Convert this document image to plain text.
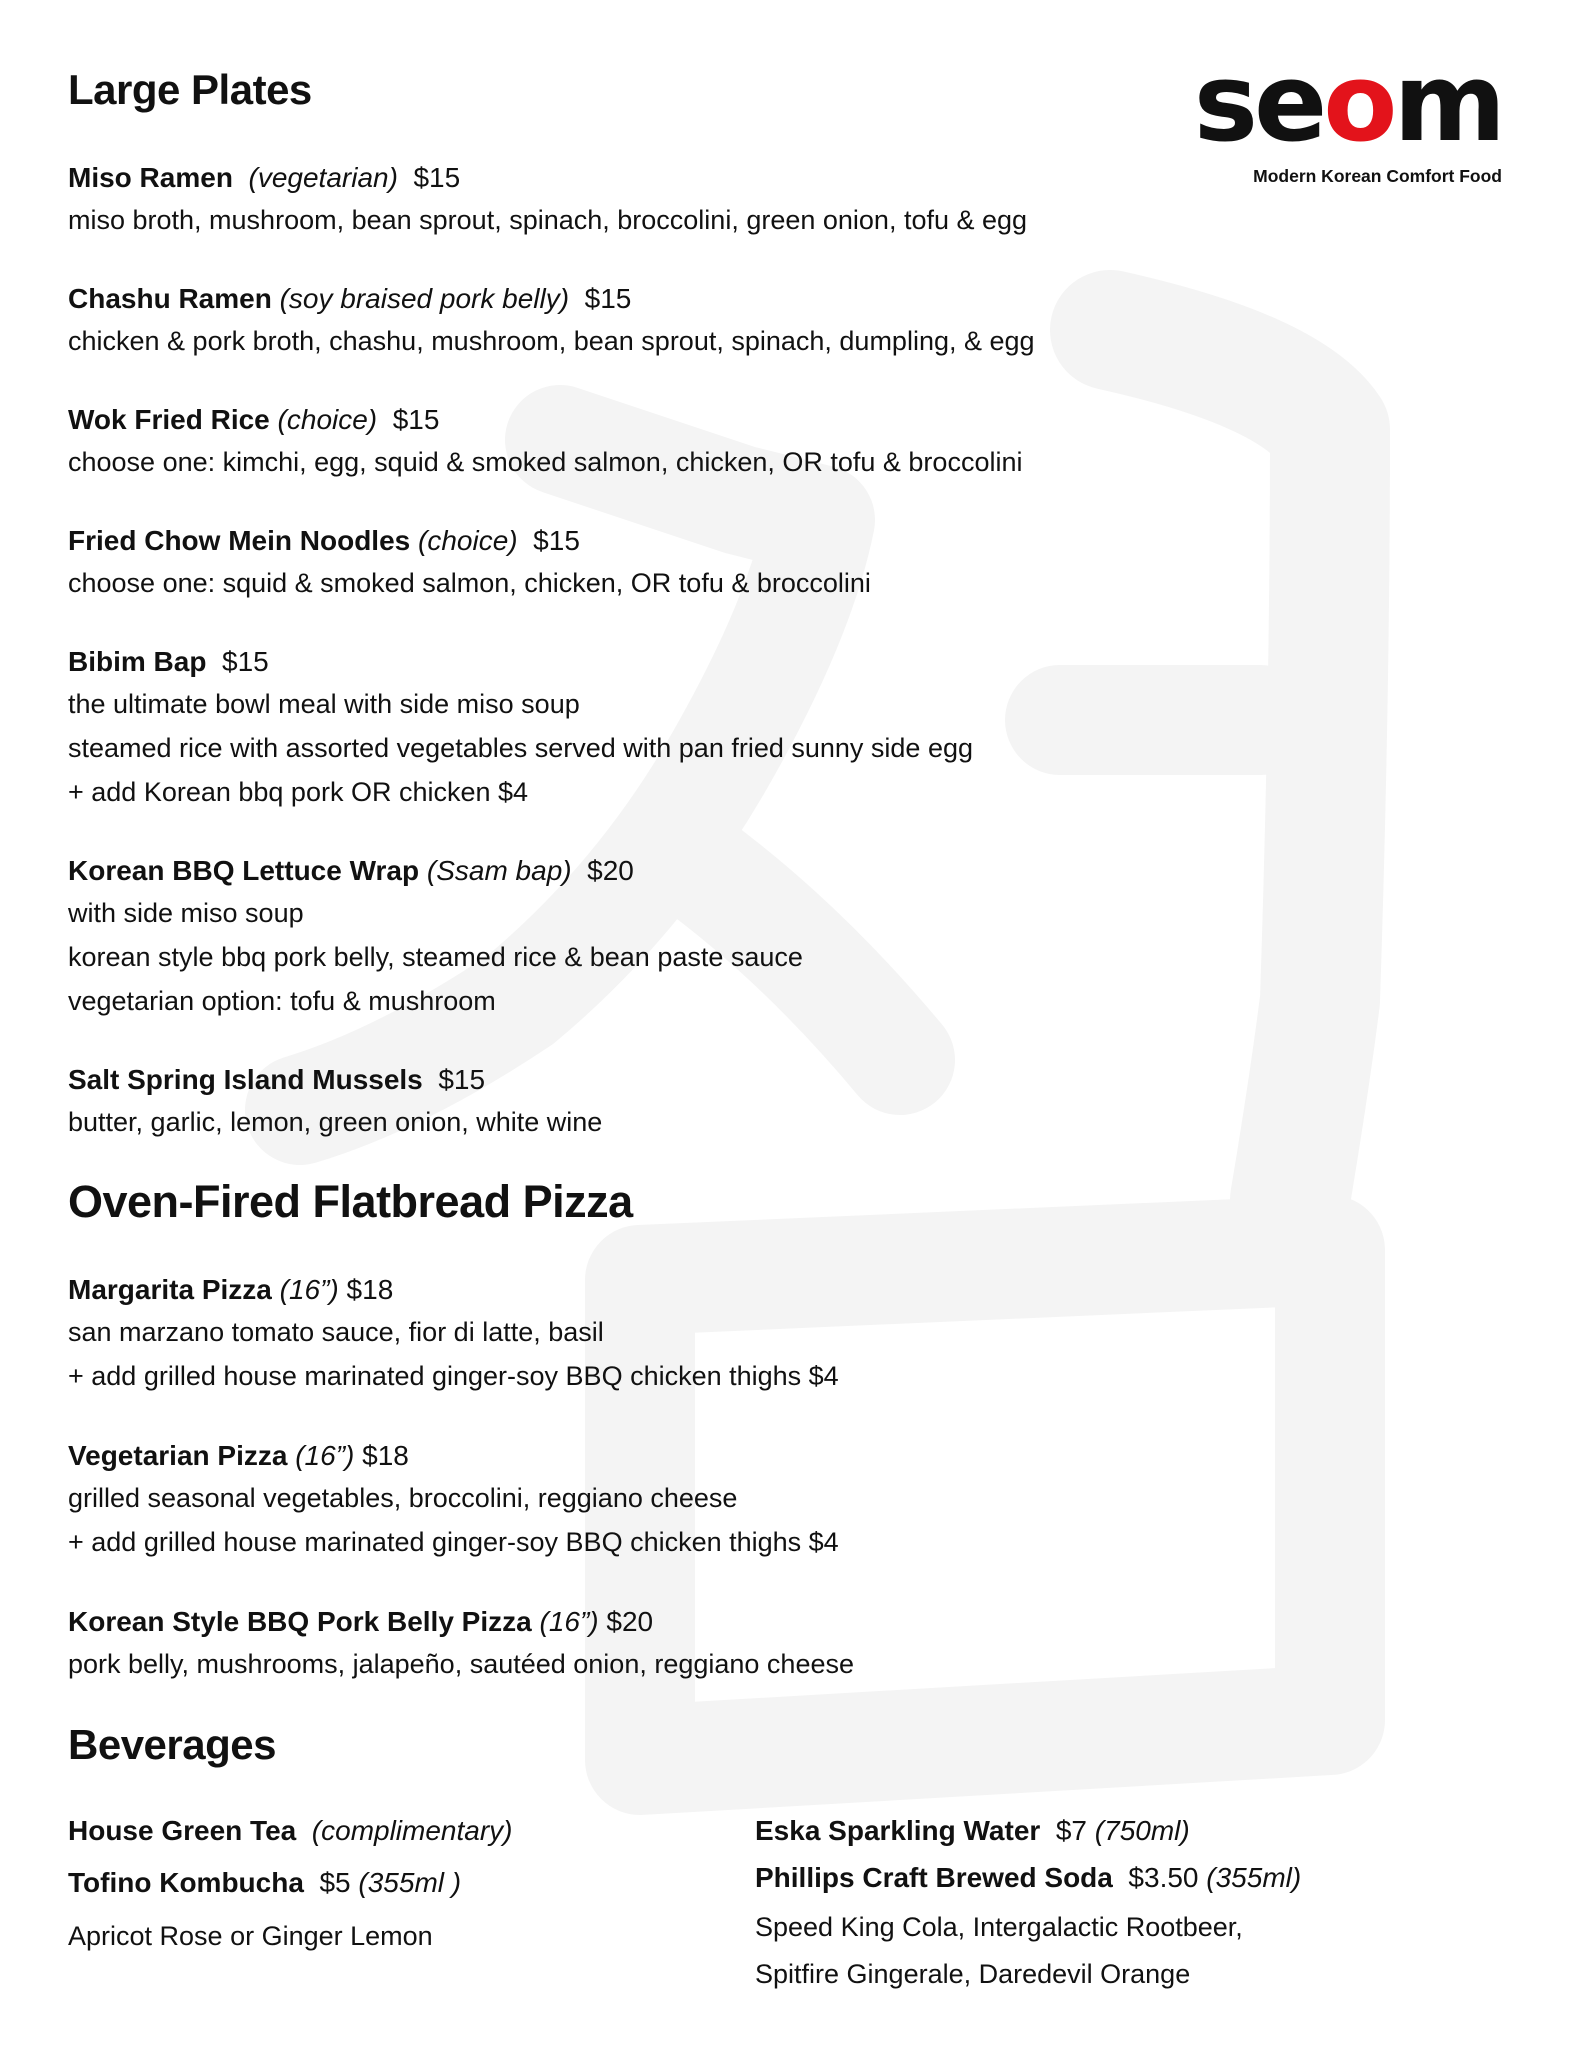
seom
Modern Korean Comfort Food
Large Plates
Miso Ramen (vegetarian) $15
miso broth, mushroom, bean sprout, spinach, broccolini, green onion, tofu & egg
Chashu Ramen (soy braised pork belly) $15
chicken & pork broth, chashu, mushroom, bean sprout, spinach, dumpling, & egg
Wok Fried Rice (choice) $15
choose one: kimchi, egg, squid & smoked salmon, chicken, OR tofu & broccolini
Fried Chow Mein Noodles (choice) $15
choose one: squid & smoked salmon, chicken, OR tofu & broccolini
Bibim Bap $15
the ultimate bowl meal with side miso soup
steamed rice with assorted vegetables served with pan fried sunny side egg
+ add Korean bbq pork OR chicken $4
Korean BBQ Lettuce Wrap (Ssam bap) $20
with side miso soup
korean style bbq pork belly, steamed rice & bean paste sauce
vegetarian option: tofu & mushroom
Salt Spring Island Mussels $15
butter, garlic, lemon, green onion, white wine
Oven-Fired Flatbread Pizza
Margarita Pizza (16”) $18
san marzano tomato sauce, fior di latte, basil
+ add grilled house marinated ginger-soy BBQ chicken thighs $4
Vegetarian Pizza (16”) $18
grilled seasonal vegetables, broccolini, reggiano cheese
+ add grilled house marinated ginger-soy BBQ chicken thighs $4
Korean Style BBQ Pork Belly Pizza (16”) $20
pork belly, mushrooms, jalapeño, sautéed onion, reggiano cheese
Beverages
House Green Tea (complimentary)
Tofino Kombucha $5 (355ml )
Apricot Rose or Ginger Lemon
Eska Sparkling Water $7 (750ml)
Phillips Craft Brewed Soda $3.50 (355ml)
Speed King Cola, Intergalactic Rootbeer,
Spitfire Gingerale, Daredevil Orange
